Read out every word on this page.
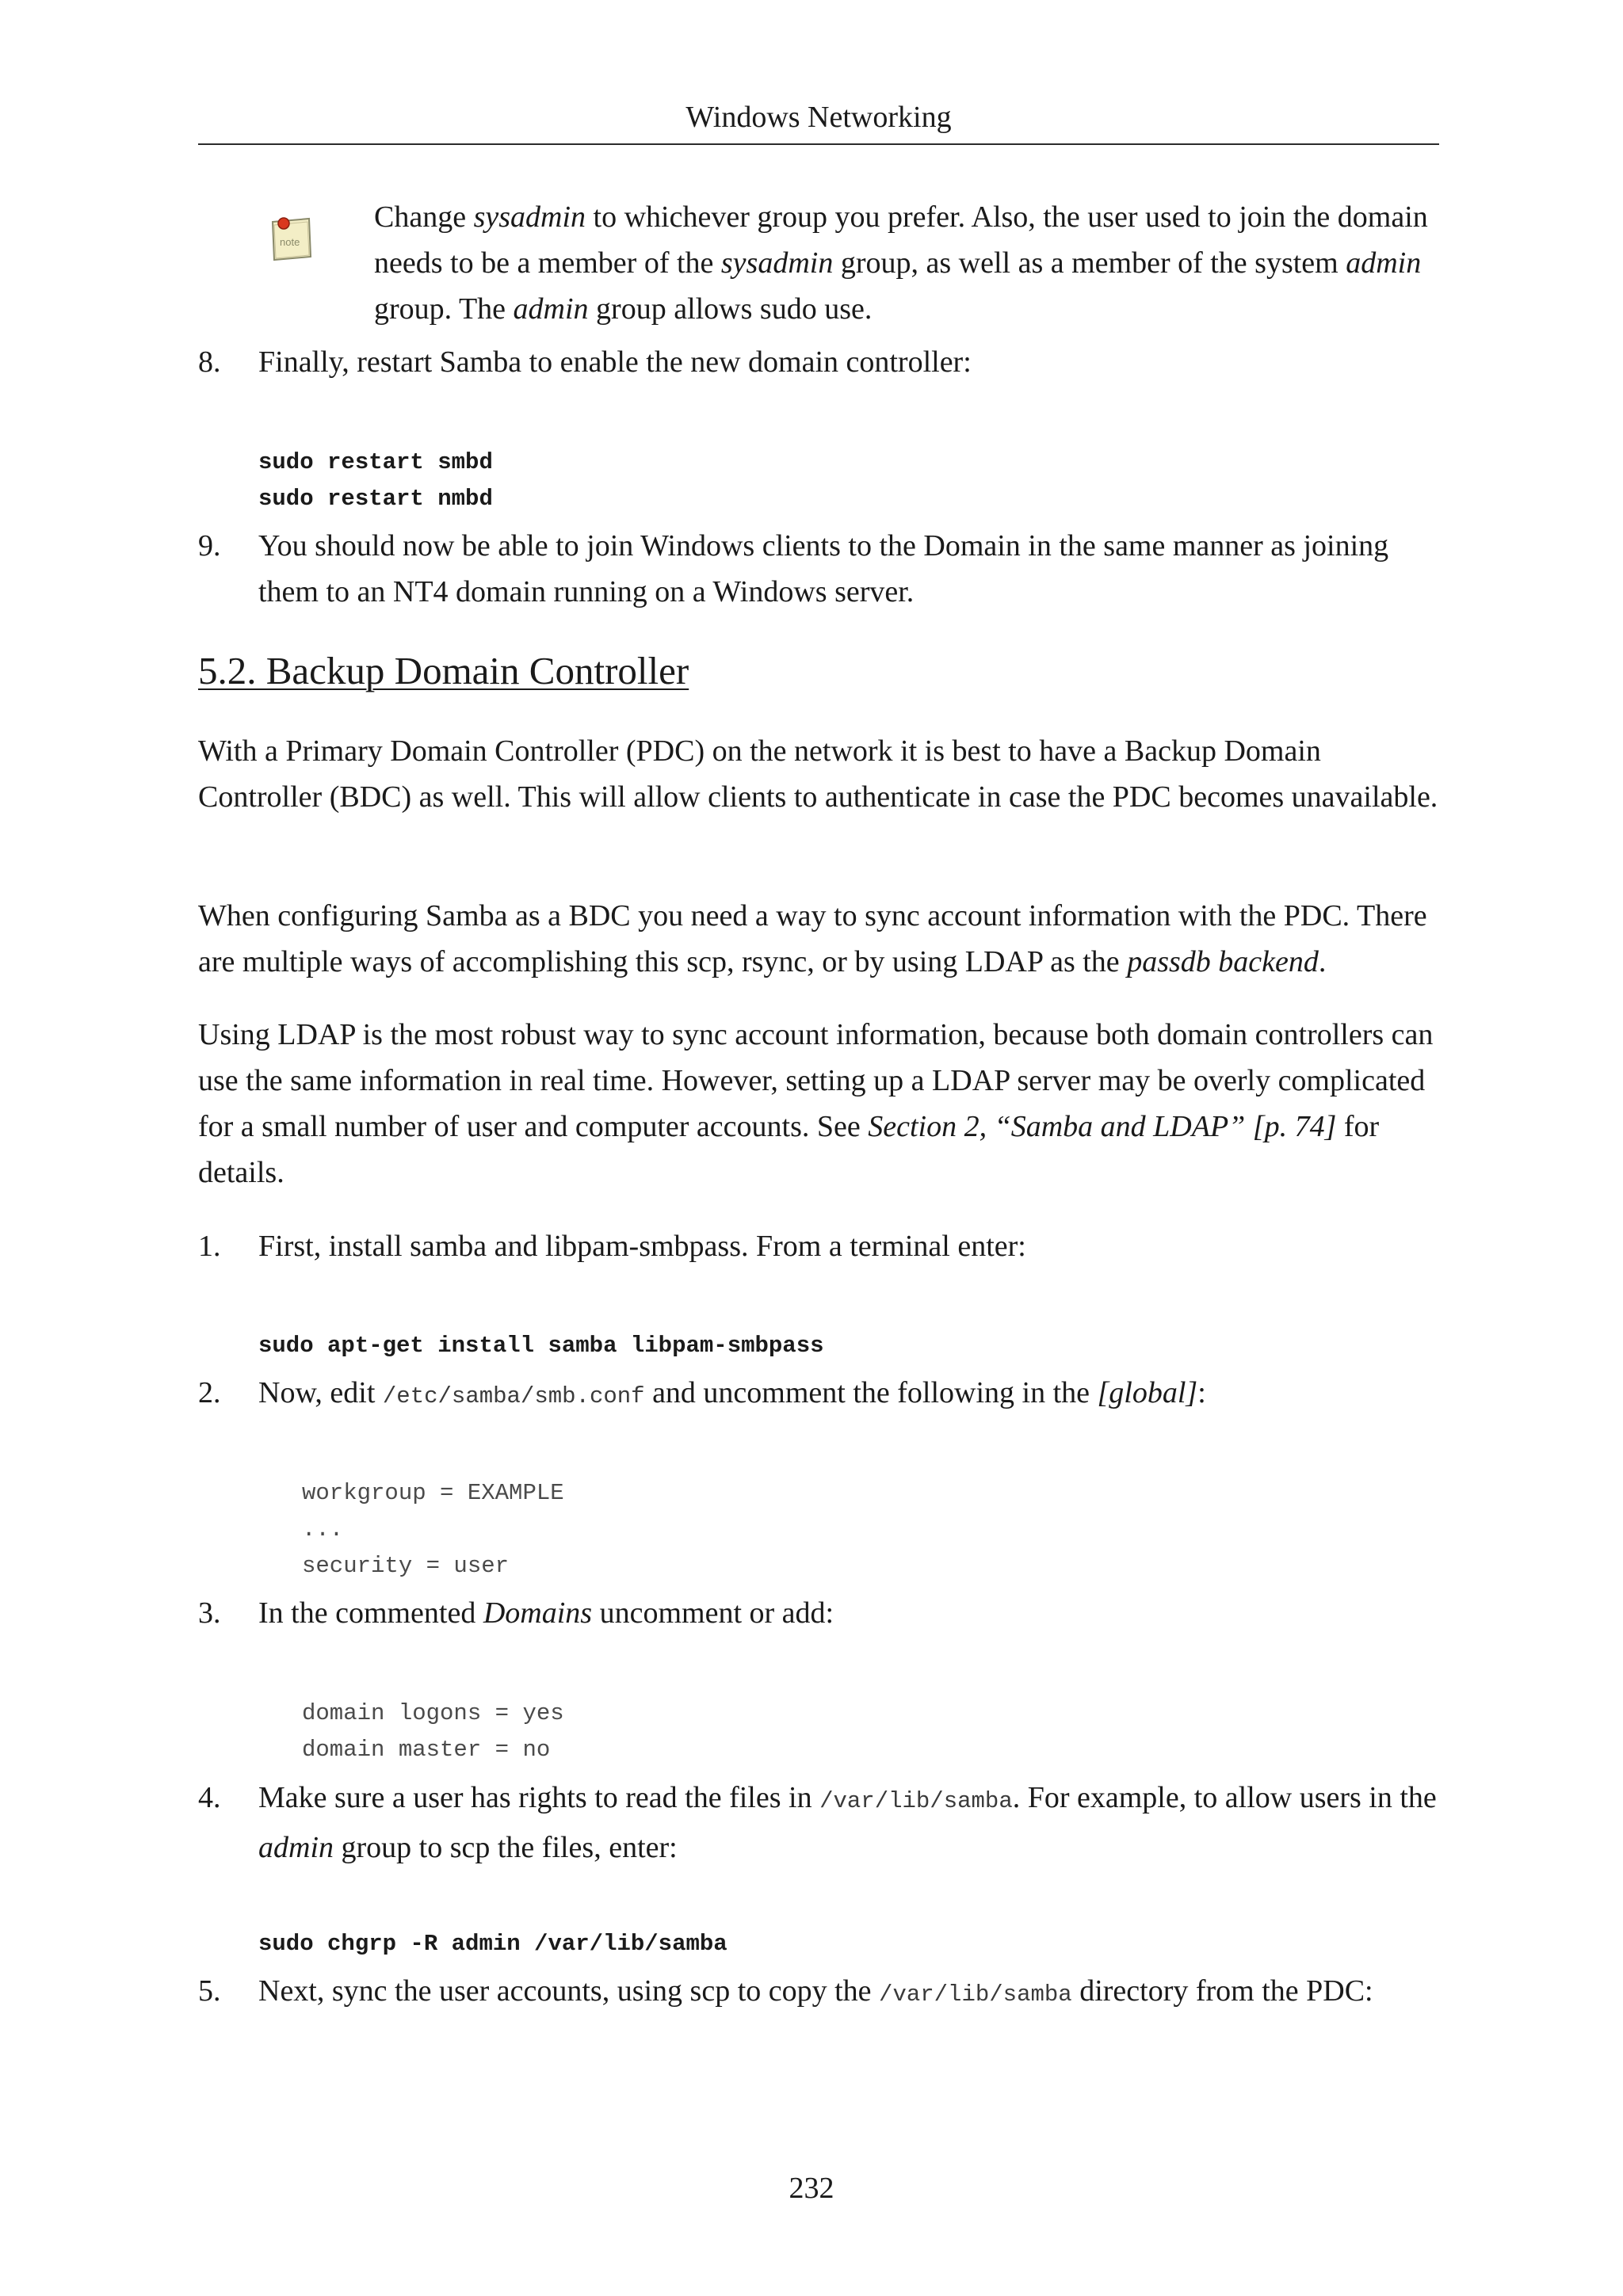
Windows Networking
note
Change sysadmin to whichever group you prefer. Also, the user used to join the domain needs to be a member of the sysadmin group, as well as a member of the system admin group. The admin group allows sudo use.
8. Finally, restart Samba to enable the new domain controller:
sudo restart smbd
sudo restart nmbd
9. You should now be able to join Windows clients to the Domain in the same manner as joining them to an NT4 domain running on a Windows server.
5.2. Backup Domain Controller
With a Primary Domain Controller (PDC) on the network it is best to have a Backup Domain Controller (BDC) as well. This will allow clients to authenticate in case the PDC becomes unavailable.
When configuring Samba as a BDC you need a way to sync account information with the PDC. There are multiple ways of accomplishing this scp, rsync, or by using LDAP as the passdb backend.
Using LDAP is the most robust way to sync account information, because both domain controllers can use the same information in real time. However, setting up a LDAP server may be overly complicated for a small number of user and computer accounts. See Section 2, “Samba and LDAP” [p. 74] for details.
1. First, install samba and libpam-smbpass. From a terminal enter:
sudo apt-get install samba libpam-smbpass
2. Now, edit /etc/samba/smb.conf and uncomment the following in the [global]:
workgroup = EXAMPLE
...
security = user
3. In the commented Domains uncomment or add:
domain logons = yes
domain master = no
4. Make sure a user has rights to read the files in /var/lib/samba. For example, to allow users in the admin group to scp the files, enter:
sudo chgrp -R admin /var/lib/samba
5. Next, sync the user accounts, using scp to copy the /var/lib/samba directory from the PDC:
232
